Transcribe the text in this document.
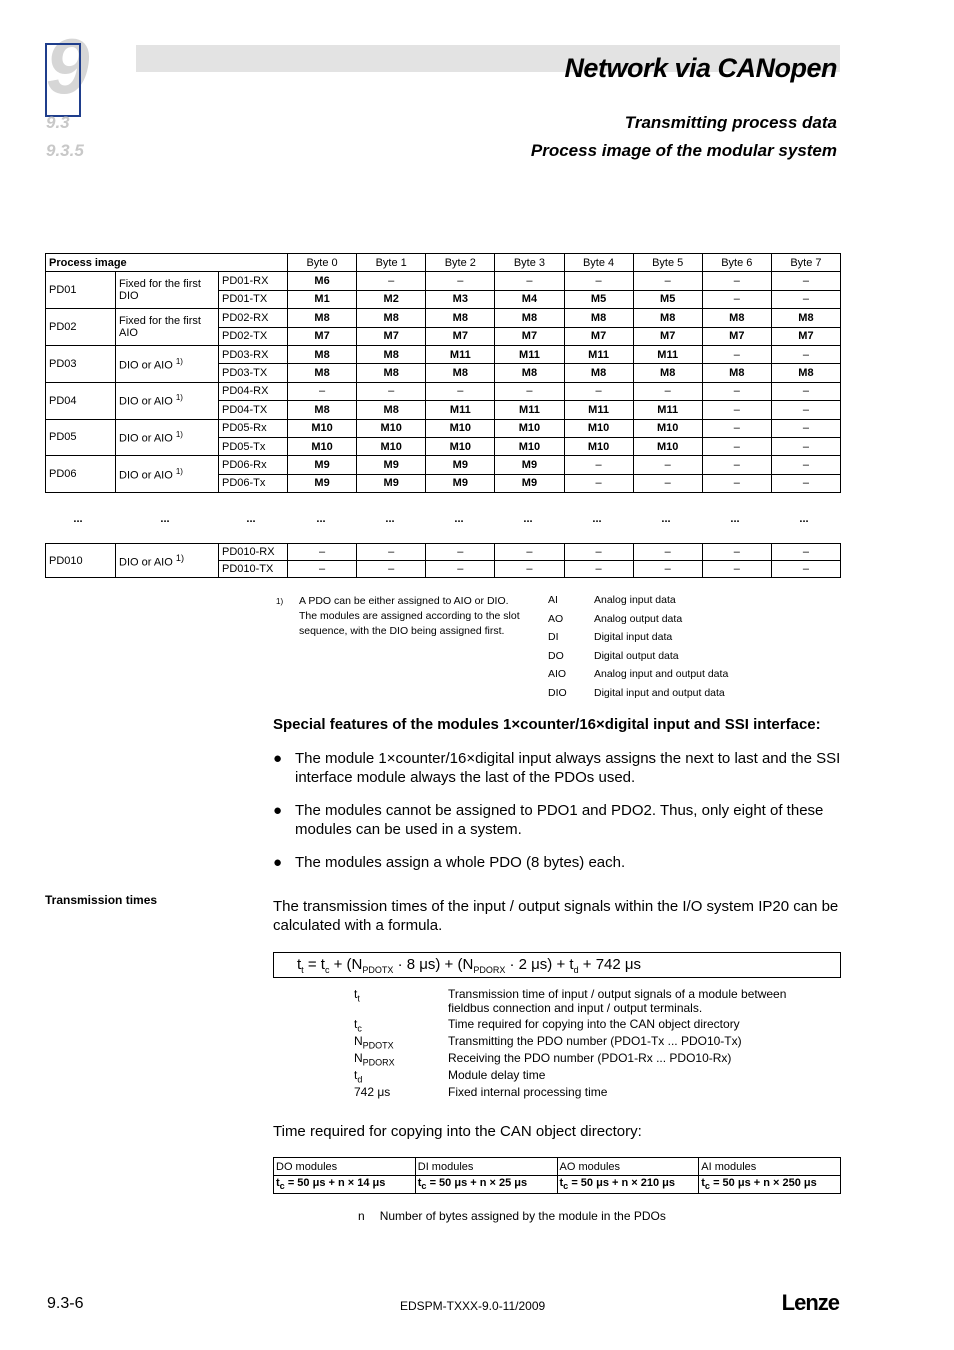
9	Network via CANopen
9.3
9.3.5
Transmitting process data
Process image of the modular system
Process image			Byte 0	Byte 1	Byte 2	Byte 3	Byte 4	Byte 5	Byte 6	Byte 7
PD01	Fixed for the first DIO	PD01-RX	M6	–	–	–	–	–	–	–
		PD01-TX	M1	M2	M3	M4	M5	M5	–	–
PD02	Fixed for the first AIO	PD02-RX	M8	M8	M8	M8	M8	M8	M8	M8
		PD02-TX	M7	M7	M7	M7	M7	M7	M7	M7
PD03	DIO or AIO $^{1)}$	PD03-RX	M8	M8	M11	M11	M11	M11	–	–
		PD03-TX	M8	M8	M8	M8	M8	M8	M8	M8
PD04	DIO or AIO $^{1)}$	PD04-RX	–	–	–	–	–	–	–	–
		PD04-TX	M8	M8	M11	M11	M11	M11	–	–
PD05	DIO or AIO $^{1)}$	PD05-Rx	M10	M10	M10	M10	M10	M10	–	–
		PD05-Tx	M10	M10	M10	M10	M10	M10	–	–
PD06	DIO or AIO $^{1)}$	PD06-Rx	M9	M9	M9	M9	–	–	–	–
		PD06-Tx	M9	M9	M9	M9	–	–	–	–
...	...	...	...	...	...	...	...	...	...	...
PD010	DIO or AIO $^{1)}$	PD010-RX	–	–	–	–	–	–	–	–
		PD010-TX	–	–	–	–	–	–	–	–
1) A PDO can be either assigned to AIO or DIO.
The modules are assigned according to the slot
sequence, with the DIO being assigned first.
AI	Analog input data
AO	Analog output data
DI	Digital input data
DO	Digital output data
AIO	Analog input and output data
DIO	Digital input and output data
Special features of the modules 1×counter/16×digital input and SSI interface:
● The module 1×counter/16×digital input always assigns the next to last and the SSI interface module always the last of the PDOs used.
● The modules cannot be assigned to PDO1 and PDO2. Thus, only eight of these modules can be used in a system.
● The modules assign a whole PDO (8 bytes) each.
Transmission times	The transmission times of the input / output signals within the I/O system IP20 can be calculated with a formula.
$t_t = t_c + (N_{PDOTX} \cdot 8$ $\mu s) + (N_{PDORX} \cdot 2$ $\mu s) + t_d + 742$ μs
$t_t$	Transmission time of input / output signals of a module between fieldbus connection and input / output terminals.
$t_c$	Time required for copying into the CAN object directory
$N_{PDOTX}$	Transmitting the PDO number (PDO1-Tx ... PDO10-Tx)
$N_{PDORX}$	Receiving the PDO number (PDO1-Rx ... PDO10-Rx)
$t_d$	Module delay time
742 μs	Fixed internal processing time
Time required for copying into the CAN object directory:
DO modules	DI modules	AO modules	AI modules
$t_c = 50$ μs + n × 14 μs	$t_c = 50$ μs + n × 25 μs	$t_c = 50$ μs + n × 210 μs	$t_c = 50$ μs + n × 250 μs
n Number of bytes assigned by the module in the PDOs
9.3-6	EDSPM-TXXX-9.0-11/2009	Lenze
